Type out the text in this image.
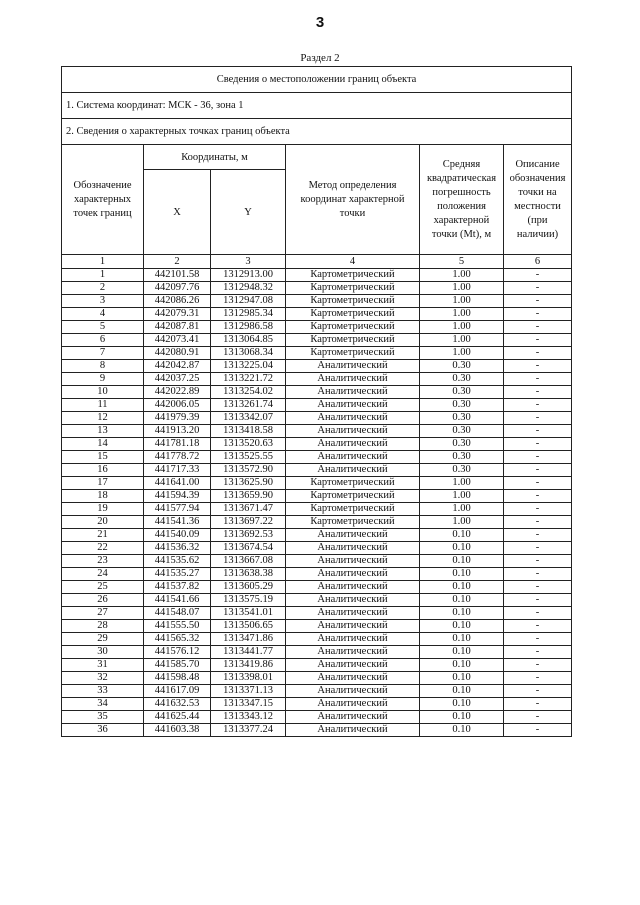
3
Раздел 2
Сведения о местоположении границ объекта					
1. Система координат: МСК - 36, зона 1					
2. Сведения о характерных точках границ объекта					
Обозначение характерных точек границ	Координаты, м		Метод определения координат характерной точки	Средняя квадратическая погрешность положения характерной точки (Mt), м	Описание обозначения точки на местности (при наличии)
	X	Y			
1	2	3	4	5	6
1	442101.58	1312913.00	Картометрический	1.00	-
2	442097.76	1312948.32	Картометрический	1.00	-
3	442086.26	1312947.08	Картометрический	1.00	-
4	442079.31	1312985.34	Картометрический	1.00	-
5	442087.81	1312986.58	Картометрический	1.00	-
6	442073.41	1313064.85	Картометрический	1.00	-
7	442080.91	1313068.34	Картометрический	1.00	-
8	442042.87	1313225.04	Аналитический	0.30	-
9	442037.25	1313221.72	Аналитический	0.30	-
10	442022.89	1313254.02	Аналитический	0.30	-
11	442006.05	1313261.74	Аналитический	0.30	-
12	441979.39	1313342.07	Аналитический	0.30	-
13	441913.20	1313418.58	Аналитический	0.30	-
14	441781.18	1313520.63	Аналитический	0.30	-
15	441778.72	1313525.55	Аналитический	0.30	-
16	441717.33	1313572.90	Аналитический	0.30	-
17	441641.00	1313625.90	Картометрический	1.00	-
18	441594.39	1313659.90	Картометрический	1.00	-
19	441577.94	1313671.47	Картометрический	1.00	-
20	441541.36	1313697.22	Картометрический	1.00	-
21	441540.09	1313692.53	Аналитический	0.10	-
22	441536.32	1313674.54	Аналитический	0.10	-
23	441535.62	1313667.08	Аналитический	0.10	-
24	441535.27	1313638.38	Аналитический	0.10	-
25	441537.82	1313605.29	Аналитический	0.10	-
26	441541.66	1313575.19	Аналитический	0.10	-
27	441548.07	1313541.01	Аналитический	0.10	-
28	441555.50	1313506.65	Аналитический	0.10	-
29	441565.32	1313471.86	Аналитический	0.10	-
30	441576.12	1313441.77	Аналитический	0.10	-
31	441585.70	1313419.86	Аналитический	0.10	-
32	441598.48	1313398.01	Аналитический	0.10	-
33	441617.09	1313371.13	Аналитический	0.10	-
34	441632.53	1313347.15	Аналитический	0.10	-
35	441625.44	1313343.12	Аналитический	0.10	-
36	441603.38	1313377.24	Аналитический	0.10	-
